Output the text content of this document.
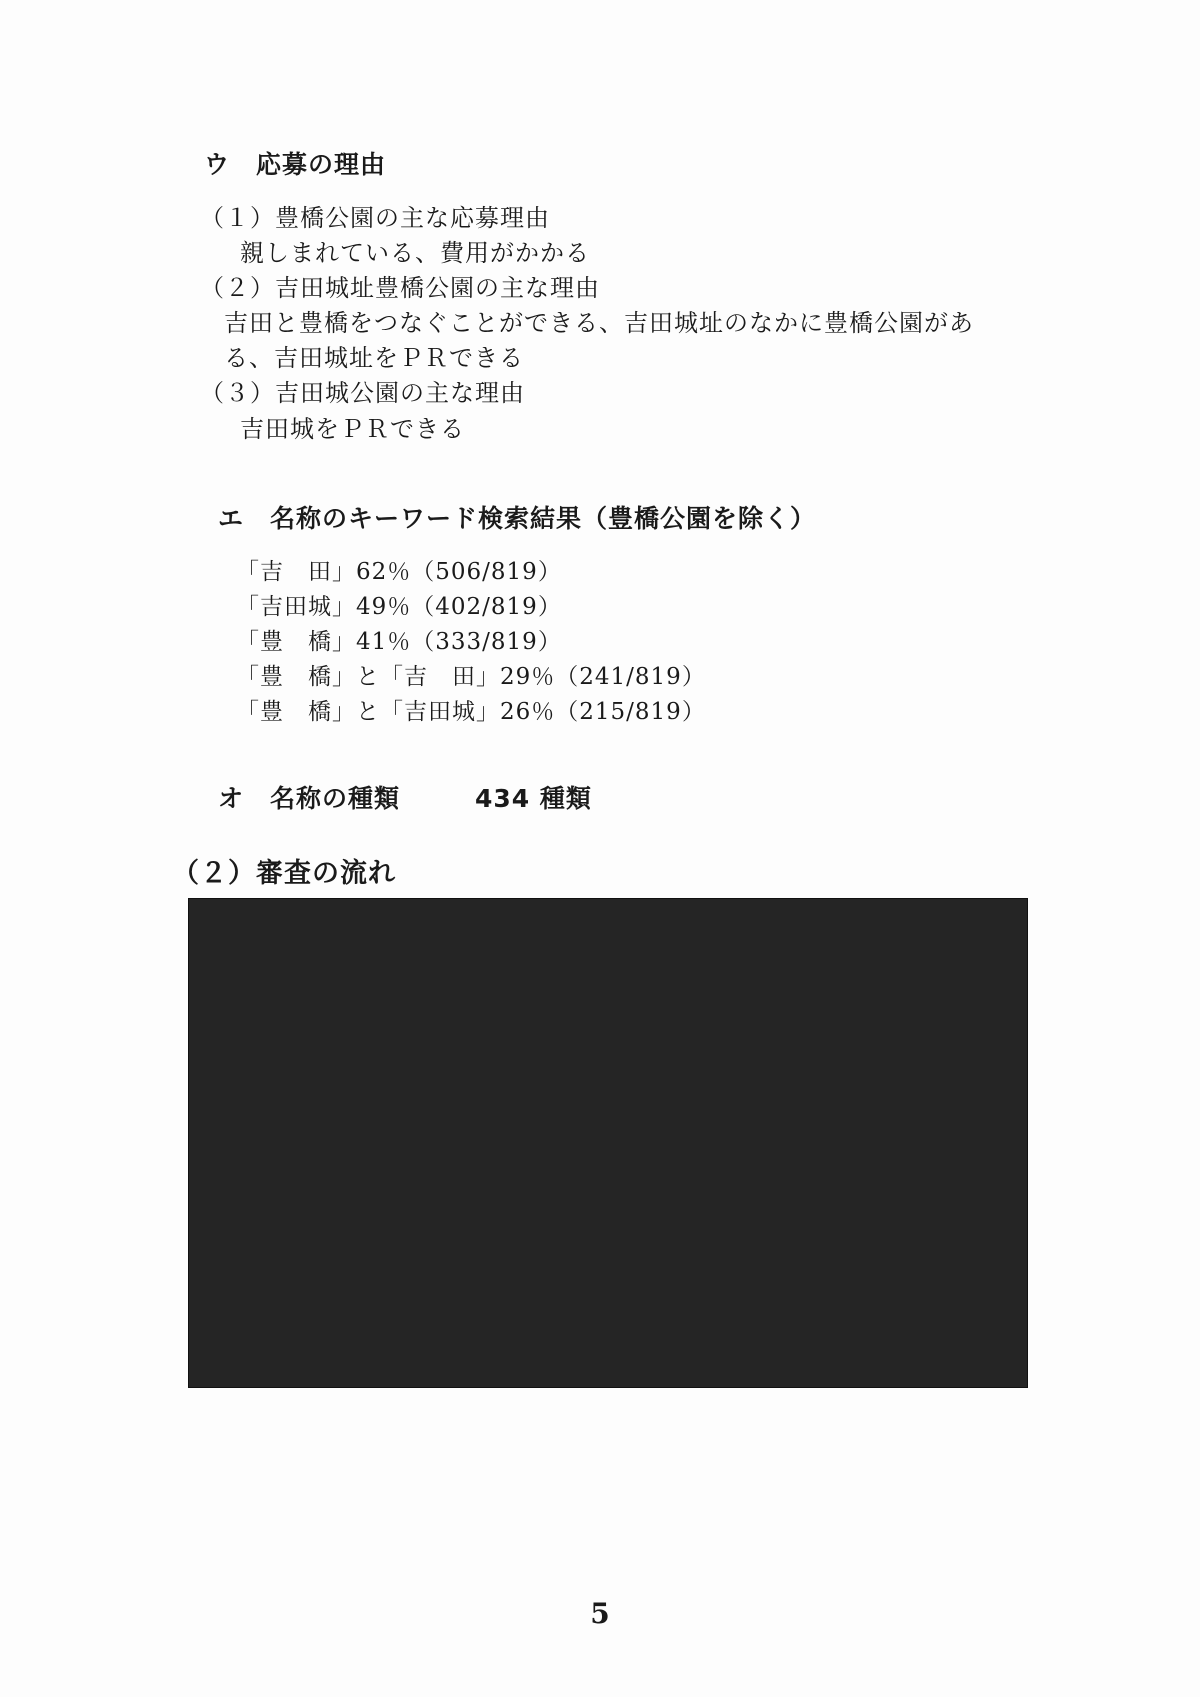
ウ　応募の理由
（１）豊橋公園の主な応募理由
親しまれている、費用がかかる
（２）吉田城址豊橋公園の主な理由
吉田と豊橋をつなぐことができる、吉田城址のなかに豊橋公園があ
る、吉田城址をＰＲできる
（３）吉田城公園の主な理由
吉田城をＰＲできる
エ　名称のキーワード検索結果（豊橋公園を除く）
「吉　田」62％（506/819）
「吉田城」49％（402/819）
「豊　橋」41％（333/819）
「豊　橋」と「吉　田」29％（241/819）
「豊　橋」と「吉田城」26％（215/819）
オ　名称の種類	434 種類
（２）審査の流れ
5
